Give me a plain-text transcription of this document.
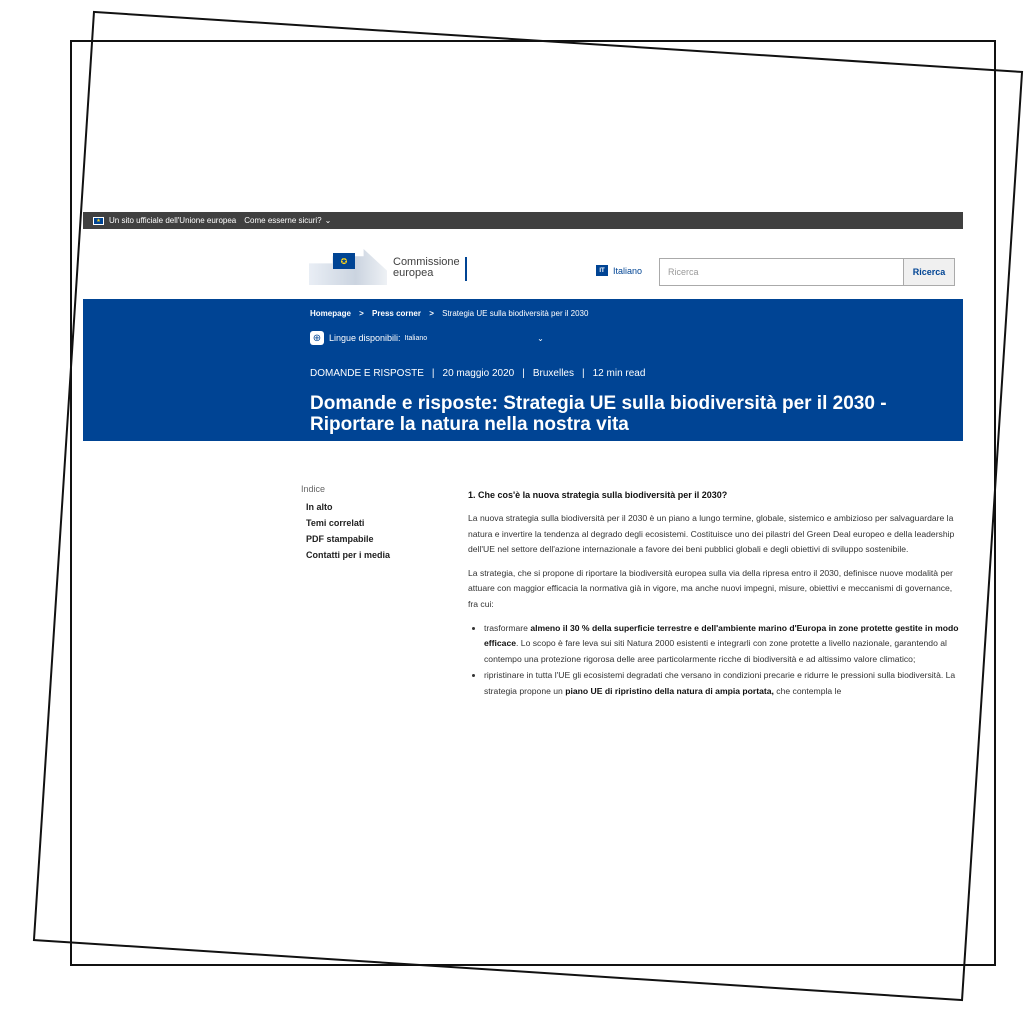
★	Un sito ufficiale dell'Unione europea Come esserne sicuri? ⌄
✪	Commissione
europea	IT Italiano
Ricerca	Ricerca
Homepage > Press corner > Strategia UE sulla biodiversità per il 2030
⊕ Lingue disponibili: Italiano	⌄
DOMANDE E RISPOSTE | 20 maggio 2020 | Bruxelles | 12 min read
Domande e risposte: Strategia UE sulla biodiversità per il 2030 - Riportare la natura nella nostra vita
Indice
In alto
Temi correlati
PDF stampabile
Contatti per i media
1. Che cos'è la nuova strategia sulla biodiversità per il 2030?

La nuova strategia sulla biodiversità per il 2030 è un piano a lungo termine, globale, sistemico e ambizioso per salvaguardare la natura e invertire la tendenza al degrado degli ecosistemi. Costituisce uno dei pilastri del Green Deal europeo e della leadership dell'UE nel settore dell'azione internazionale a favore dei beni pubblici globali e degli obiettivi di sviluppo sostenibile.

La strategia, che si propone di riportare la biodiversità europea sulla via della ripresa entro il 2030, definisce nuove modalità per attuare con maggior efficacia la normativa già in vigore, ma anche nuovi impegni, misure, obiettivi e meccanismi di governance, fra cui:

• trasformare almeno il 30 % della superficie terrestre e dell'ambiente marino d'Europa in zone protette gestite in modo efficace. Lo scopo è fare leva sui siti Natura 2000 esistenti e integrarli con zone protette a livello nazionale, garantendo al contempo una protezione rigorosa delle aree particolarmente ricche di biodiversità e ad altissimo valore climatico;
• ripristinare in tutta l'UE gli ecosistemi degradati che versano in condizioni precarie e ridurre le pressioni sulla biodiversità. La strategia propone un piano UE di ripristino della natura di ampia portata, che contempla le
